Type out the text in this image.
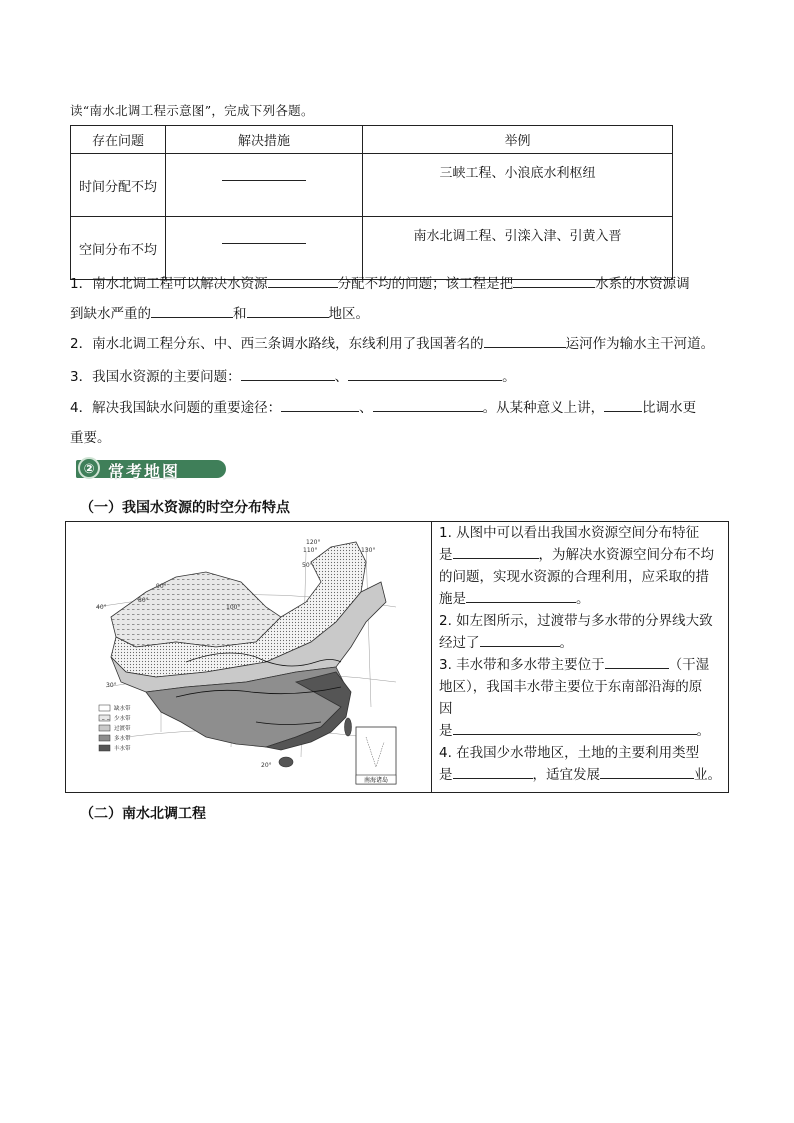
读“南水北调工程示意图”，完成下列各题。
存在问题	解决措施	举例
时间分配不均		三峡工程、小浪底水利枢纽
空间分布不均		南水北调工程、引滦入津、引黄入晋
1．南水北调工程可以解决水资源	分配不均的问题；该工程是把	水系的水资源调
到缺水严重的	和	地区。
2．南水北调工程分东、中、西三条调水路线，东线利用了我国著名的	运河作为输水主干河道。
3．我国水资源的主要问题：	、	。
4．解决我国缺水问题的重要途径：	、	。从某种意义上讲，	比调水更
重要。
② 常考地图
（一）我国水资源的时空分布特点
南海诸岛
80°
90°
100°
110°
120°
130°
50°
40°
30°
20°
缺水带
少水带
过渡带
多水带
丰水带
1. 从图中可以看出我国水资源空间分布特征
是	，为解决水资源空间分布不均
的问题，实现水资源的合理利用，应采取的措
施是	。
2. 如左图所示，过渡带与多水带的分界线大致
经过了	。
3. 丰水带和多水带主要位于	（干湿
地区），我国丰水带主要位于东南部沿海的原
因
是	。
4. 在我国少水带地区，土地的主要利用类型
是	，适宜发展	业。
（二）南水北调工程
